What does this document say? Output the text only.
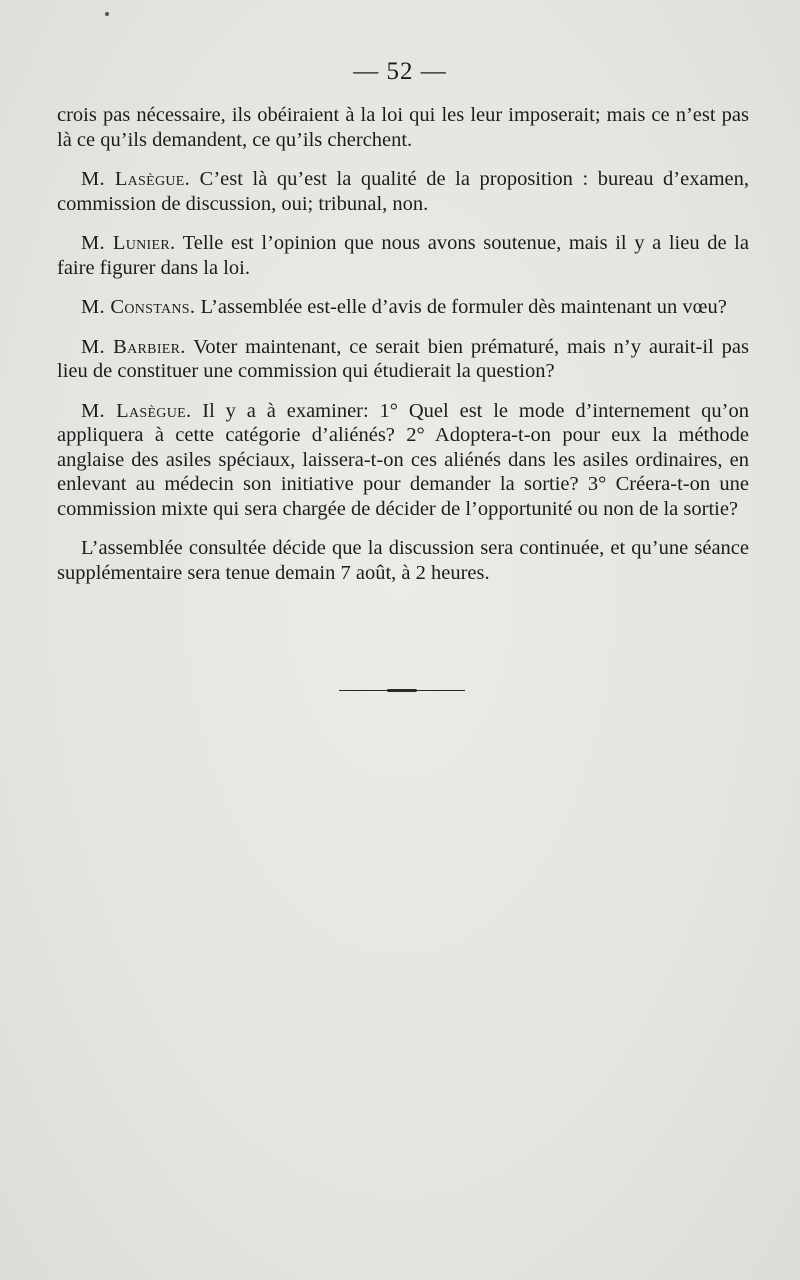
— 52 —

crois pas nécessaire, ils obéiraient à la loi qui les leur imposerait; mais ce n’est pas là ce qu’ils demandent, ce qu’ils cherchent.

M. Lasègue. C’est là qu’est la qualité de la proposition : bureau d’examen, commission de discussion, oui; tribunal, non.

M. Lunier. Telle est l’opinion que nous avons soutenue, mais il y a lieu de la faire figurer dans la loi.

M. Constans. L’assemblée est-elle d’avis de formuler dès maintenant un vœu?

M. Barbier. Voter maintenant, ce serait bien prématuré, mais n’y aurait-il pas lieu de constituer une commission qui étudierait la question?

M. Lasègue. Il y a à examiner: 1° Quel est le mode d’internement qu’on appliquera à cette catégorie d’aliénés? 2° Adoptera-t-on pour eux la méthode anglaise des asiles spéciaux, laissera-t-on ces aliénés dans les asiles ordinaires, en enlevant au médecin son initiative pour demander la sortie? 3° Créera-t-on une commission mixte qui sera chargée de décider de l’opportunité ou non de la sortie?

L’assemblée consultée décide que la discussion sera continuée, et qu’une séance supplémentaire sera tenue demain 7 août, à 2 heures.
